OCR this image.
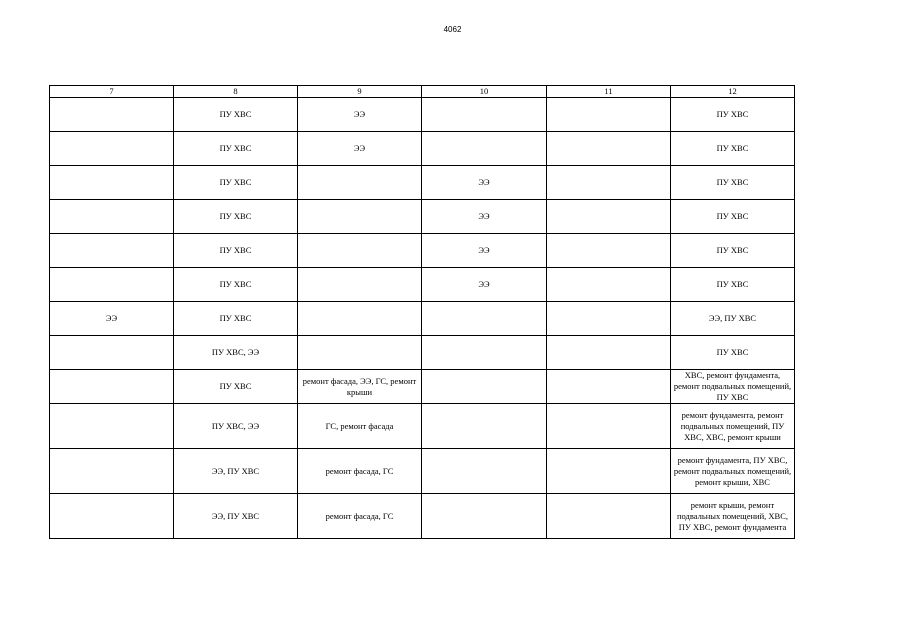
4062
7	8	9	10	11	12
	ПУ ХВС	ЭЭ			ПУ ХВС
	ПУ ХВС	ЭЭ			ПУ ХВС
	ПУ ХВС		ЭЭ		ПУ ХВС
	ПУ ХВС		ЭЭ		ПУ ХВС
	ПУ ХВС		ЭЭ		ПУ ХВС
	ПУ ХВС		ЭЭ		ПУ ХВС
ЭЭ	ПУ ХВС				ЭЭ, ПУ ХВС
	ПУ ХВС, ЭЭ				ПУ ХВС
	ПУ ХВС	ремонт фасада, ЭЭ, ГС, ремонт крыши			ХВС, ремонт фундамента, ремонт подвальных помещений, ПУ ХВС
	ПУ ХВС, ЭЭ	ГС, ремонт фасада			ремонт фундамента, ремонт подвальных помещений, ПУ ХВС, ХВС, ремонт крыши
	ЭЭ, ПУ ХВС	ремонт фасада, ГС			ремонт фундамента, ПУ ХВС, ремонт подвальных помещений, ремонт крыши, ХВС
	ЭЭ, ПУ ХВС	ремонт фасада, ГС			ремонт крыши, ремонт подвальных помещений, ХВС, ПУ ХВС, ремонт фундамента
